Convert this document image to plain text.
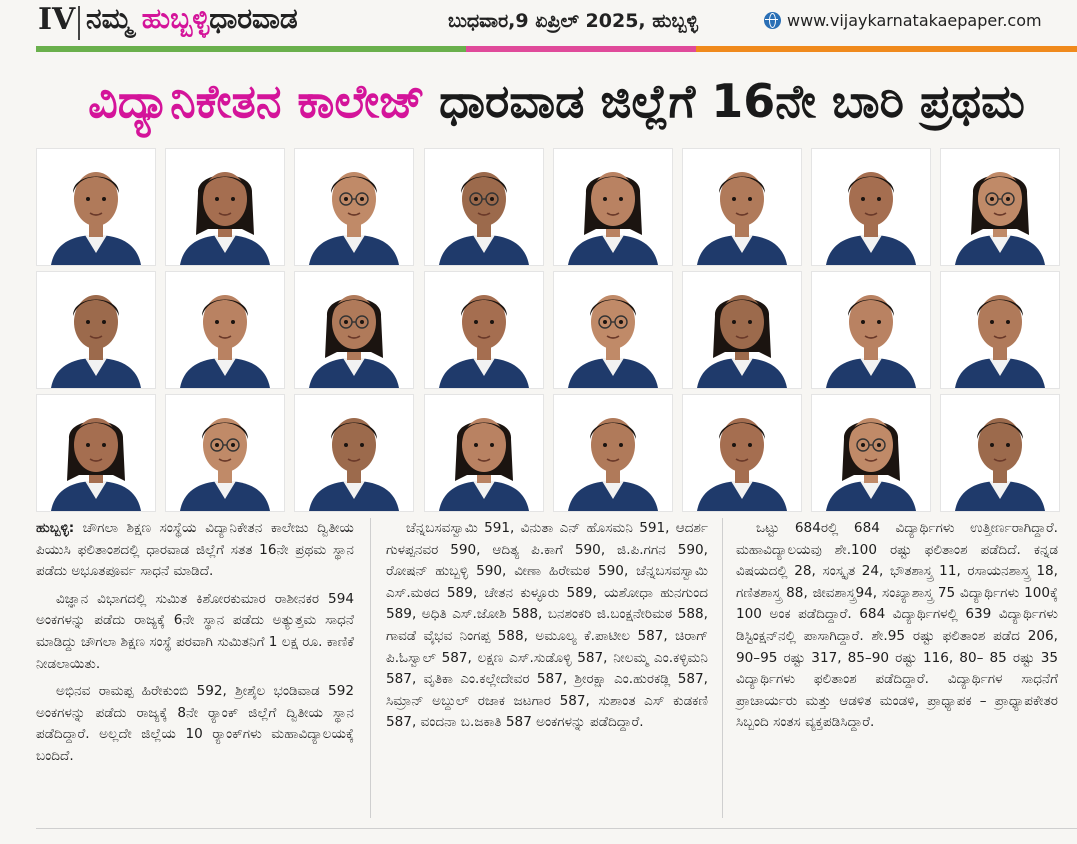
IV ನಮ್ಮ ಹುಬ್ಬಳ್ಳಿಧಾರವಾಡ	ಬುಧವಾರ,9 ಏಪ್ರಿಲ್ 2025, ಹುಬ್ಬಳ್ಳಿ	www.vijaykarnatakaepaper.com
ವಿದ್ಯಾನಿಕೇತನ ಕಾಲೇಜ್ ಧಾರವಾಡ ಜಿಲ್ಲೆಗೆ 16ನೇ ಬಾರಿ ಪ್ರಥಮ

ಹುಬ್ಬಳ್ಳಿ: ಚೌಗಲಾ ಶಿಕ್ಷಣ ಸಂಸ್ಥೆಯ ವಿದ್ಯಾನಿಕೇತನ ಕಾಲೇಜು ದ್ವಿತೀಯ ಪಿಯುಸಿ ಫಲಿತಾಂಶದಲ್ಲಿ ಧಾರವಾಡ ಜಿಲ್ಲೆಗೆ ಸತತ 16ನೇ ಪ್ರಥಮ ಸ್ಥಾನ ಪಡೆದು ಅಭೂತಪೂರ್ವ ಸಾಧನೆ ಮಾಡಿದೆ.

ವಿಜ್ಞಾನ ವಿಭಾಗದಲ್ಲಿ ಸುಮಿತ ಕಿಶೋರಕುಮಾರ ರಾಶೀನಕರ 594 ಅಂಕಗಳನ್ನು ಪಡೆದು ರಾಜ್ಯಕ್ಕೆ 6ನೇ ಸ್ಥಾನ ಪಡೆದು ಅತ್ಯುತ್ತಮ ಸಾಧನೆ ಮಾಡಿದ್ದು ಚೌಗಲಾ ಶಿಕ್ಷಣ ಸಂಸ್ಥೆ ಪರವಾಗಿ ಸುಮಿತನಿಗೆ 1 ಲಕ್ಷ ರೂ. ಕಾಣಿಕೆ ನೀಡಲಾಯಿತು.

ಅಭಿನವ ರಾಮಪ್ಪ ಹಿರೇಕುಂಬಿ 592, ಶ್ರೀಶೈಲ ಭಂಡಿವಾಡ 592 ಅಂಕಗಳನ್ನು ಪಡೆದು ರಾಜ್ಯಕ್ಕೆ 8ನೇ ರ್‍ಯಾಂಕ್ ಜಿಲ್ಲೆಗೆ ದ್ವಿತೀಯ ಸ್ಥಾನ ಪಡೆದಿದ್ದಾರೆ. ಅಲ್ಲದೇ ಜಿಲ್ಲೆಯ 10 ರ್‍ಯಾಂಕ್‌ಗಳು ಮಹಾವಿದ್ಯಾಲಯಕ್ಕೆ ಬಂದಿದೆ.

ಚೆನ್ನಬಸವಸ್ವಾಮಿ 591, ವಿನುತಾ ಎನ್ ಹೊಸಮನಿ 591, ಆದರ್ಶ ಗುಳಪ್ಪನವರ 590, ಆದಿತ್ಯ ಪಿ.ಕಾಗೆ 590, ಜಿ.ಪಿ.ಗಗನ 590, ರೋಷನ್ ಹುಬ್ಬಳ್ಳಿ 590, ವೀಣಾ ಹಿರೇಮಠ 590, ಚೆನ್ನಬಸವಸ್ವಾಮಿ ಎಸ್.ಮಠದ 589, ಚೇತನ ಕುಳ್ಳೂರು 589, ಯಶೋಧಾ ಹುನಗುಂದ 589, ಅಧಿತಿ ಎಸ್.ಜೋಶಿ 588, ಬನಶಂಕರಿ ಜಿ.ಬಂಕ್ಷನೇರಿಮಠ 588, ಗಾವಡೆ ವೈಭವ ನಿಂಗಪ್ಪ 588, ಅಮೂಲ್ಯ ಕೆ.ಪಾಟೀಲ 587, ಚಿರಾಗ್ ಪಿ.ಓಸ್ವಾಲ್ 587, ಲಕ್ಷಣ ಎಸ್.ಸುಡೊಳ್ಳಿ 587, ನೀಲಮ್ಮ ಎಂ.ಕಳ್ಳಿಮನಿ 587, ವೃತಿಕಾ ಎಂ.ಕಲ್ಲೇದೇವರ 587, ಶ್ರೀರಕ್ಷಾ ಎಂ.ಹುರಕಡ್ಲಿ 587, ಸಿಮ್ರಾನ್ ಅಬ್ದುಲ್ ರಜಾಕ ಜಟಗಾರ 587, ಸುಶಾಂತ ಎಸ್ ಕುಡಕಣಿ 587, ವಂದನಾ ಬ.ಜಕಾತಿ 587 ಅಂಕಗಳನ್ನು ಪಡೆದಿದ್ದಾರೆ.

ಒಟ್ಟು 684ರಲ್ಲಿ 684 ವಿದ್ಯಾರ್ಥಿಗಳು ಉತ್ತೀರ್ಣರಾಗಿದ್ದಾರೆ. ಮಹಾವಿದ್ಯಾಲಯವು ಶೇ.100 ರಷ್ಟು ಫಲಿತಾಂಶ ಪಡೆದಿದೆ. ಕನ್ನಡ ವಿಷಯದಲ್ಲಿ 28, ಸಂಸ್ಕೃತ 24, ಭೌತಶಾಸ್ತ್ರ 11, ರಸಾಯನಶಾಸ್ತ್ರ 18, ಗಣಿತಶಾಸ್ತ್ರ 88, ಜೀವಶಾಸ್ತ್ರ94, ಸಂಖ್ಯಾಶಾಸ್ತ್ರ 75 ವಿದ್ಯಾರ್ಥಿಗಳು 100ಕ್ಕೆ 100 ಅಂಕ ಪಡೆದಿದ್ದಾರೆ. 684 ವಿದ್ಯಾರ್ಥಿಗಳಲ್ಲಿ 639 ವಿದ್ಯಾರ್ಥಿಗಳು ಡಿಸ್ಟಿಂಕ್ಷನ್‌ನಲ್ಲಿ ಪಾಸಾಗಿದ್ದಾರೆ. ಶೇ.95 ರಷ್ಟು ಫಲಿತಾಂಶ ಪಡೆದ 206, 90–95 ರಷ್ಟು 317, 85–90 ರಷ್ಟು 116, 80– 85 ರಷ್ಟು 35 ವಿದ್ಯಾರ್ಥಿಗಳು ಫಲಿತಾಂಶ ಪಡೆದಿದ್ದಾರೆ. ವಿದ್ಯಾರ್ಥಿಗಳ ಸಾಧನೆಗೆ ಪ್ರಾಚಾರ್ಯರು ಮತ್ತು ಆಡಳಿತ ಮಂಡಳಿ, ಪ್ರಾಧ್ಯಾಪಕ – ಪ್ರಾಧ್ಯಾಪಕೇತರ ಸಿಬ್ಬಂದಿ ಸಂತಸ ವ್ಯಕ್ತಪಡಿಸಿದ್ದಾರೆ.
